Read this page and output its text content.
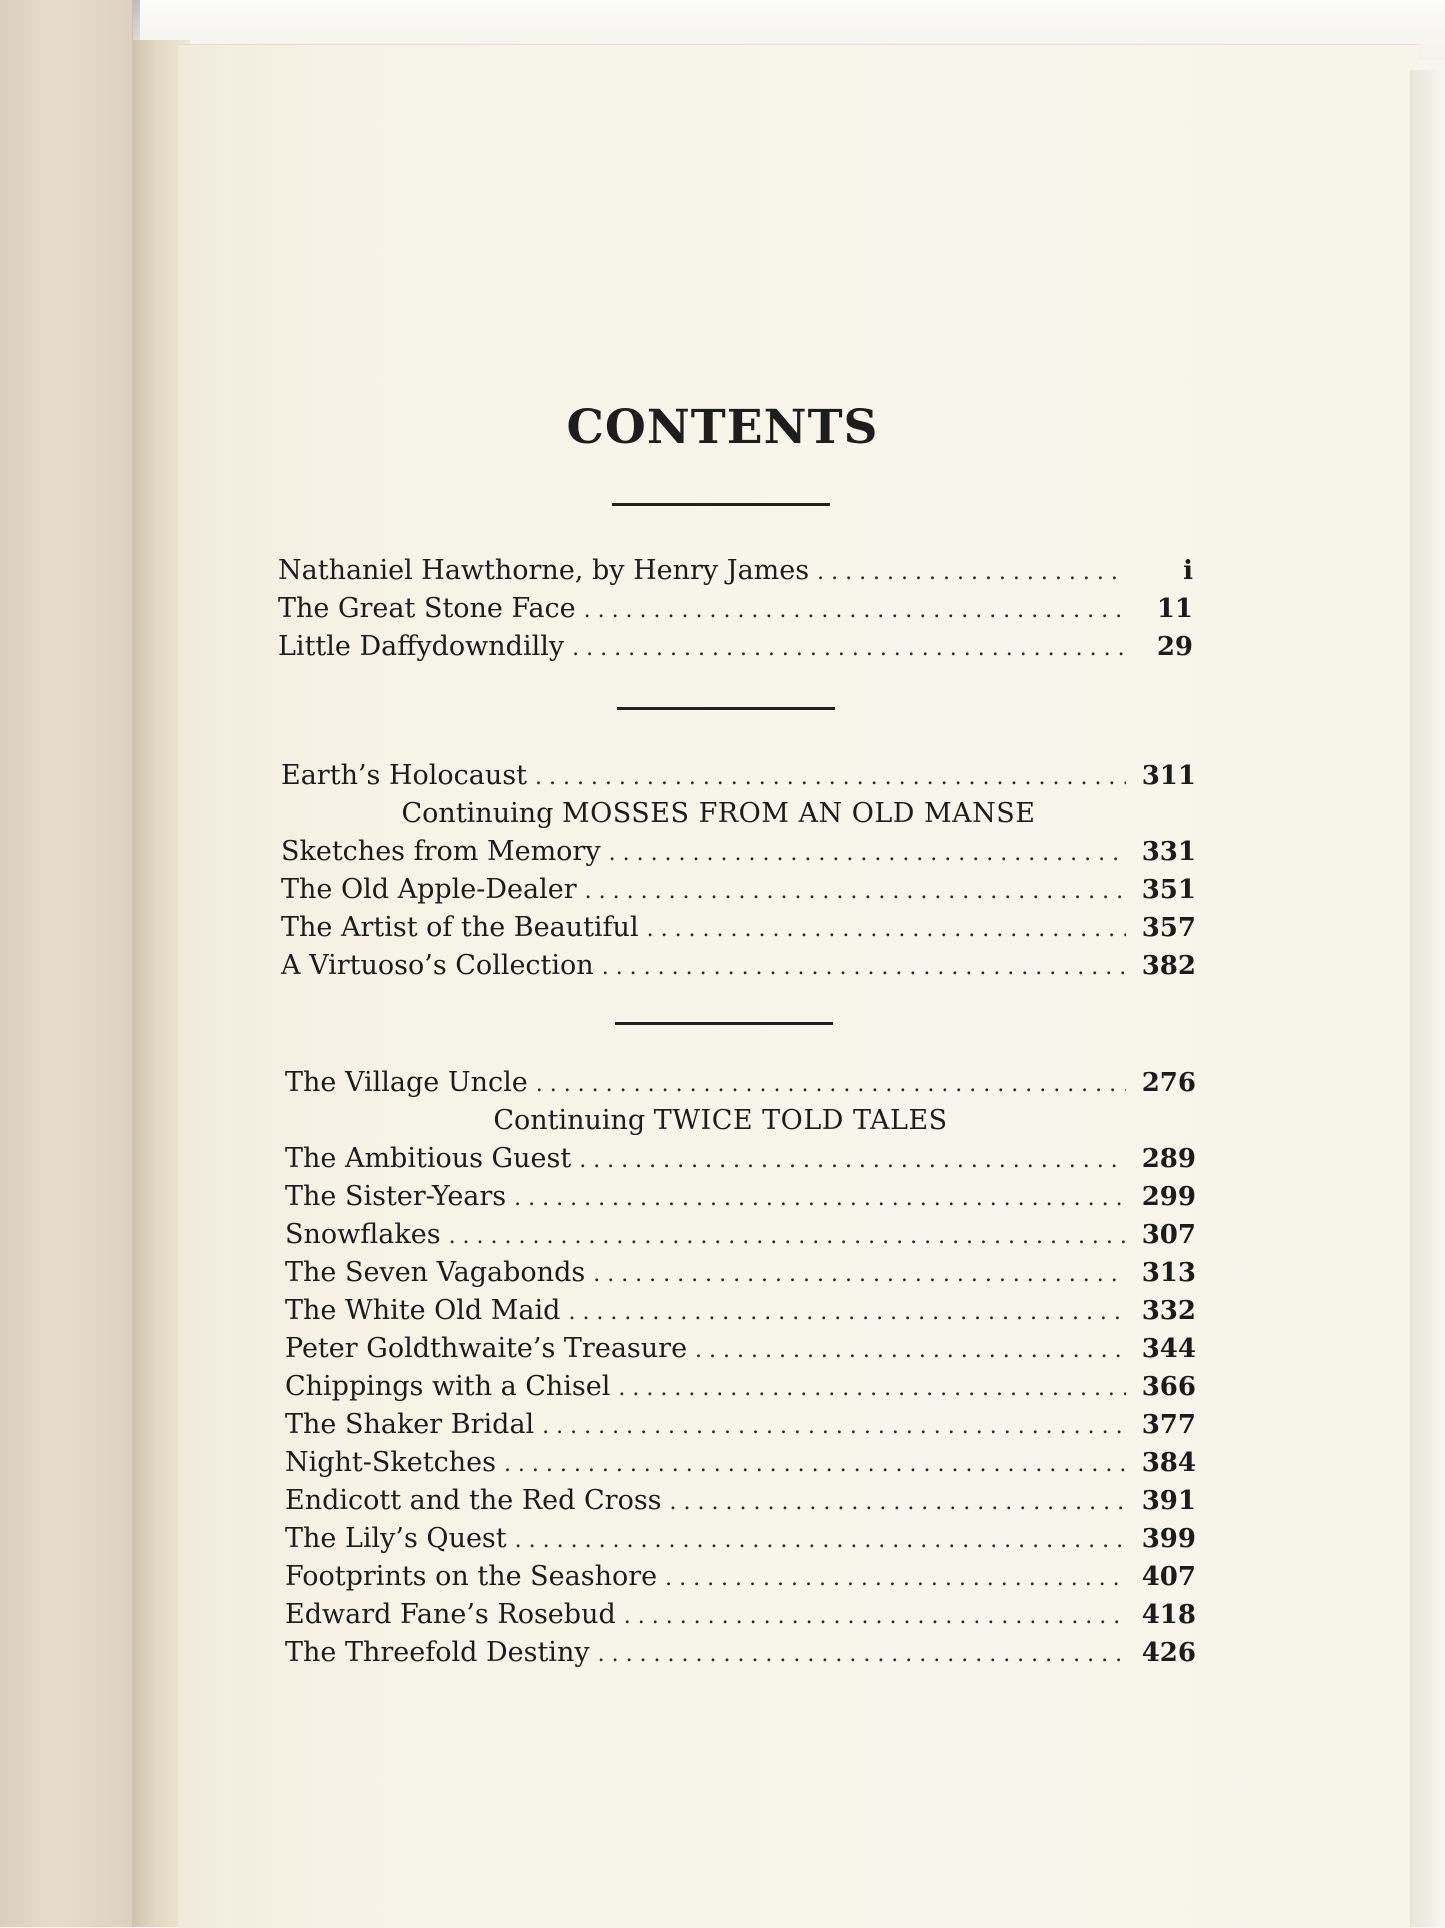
CONTENTS
Nathaniel Hawthorne, by Henry James . . .	i
The Great Stone Face . . .	11
Little Daffydowndilly . . .	29
Earth’s Holocaust . . .	311
Continuing MOSSES FROM AN OLD MANSE
Sketches from Memory . . .	331
The Old Apple-Dealer . . .	351
The Artist of the Beautiful . . .	357
A Virtuoso’s Collection . . .	382
The Village Uncle . . .	276
Continuing TWICE TOLD TALES
The Ambitious Guest . . .	289
The Sister-Years . . .	299
Snowflakes . . .	307
The Seven Vagabonds . . .	313
The White Old Maid . . .	332
Peter Goldthwaite’s Treasure . . .	344
Chippings with a Chisel . . .	366
The Shaker Bridal . . .	377
Night-Sketches . . .	384
Endicott and the Red Cross . . .	391
The Lily’s Quest . . .	399
Footprints on the Seashore . . .	407
Edward Fane’s Rosebud . . .	418
The Threefold Destiny . . .	426
